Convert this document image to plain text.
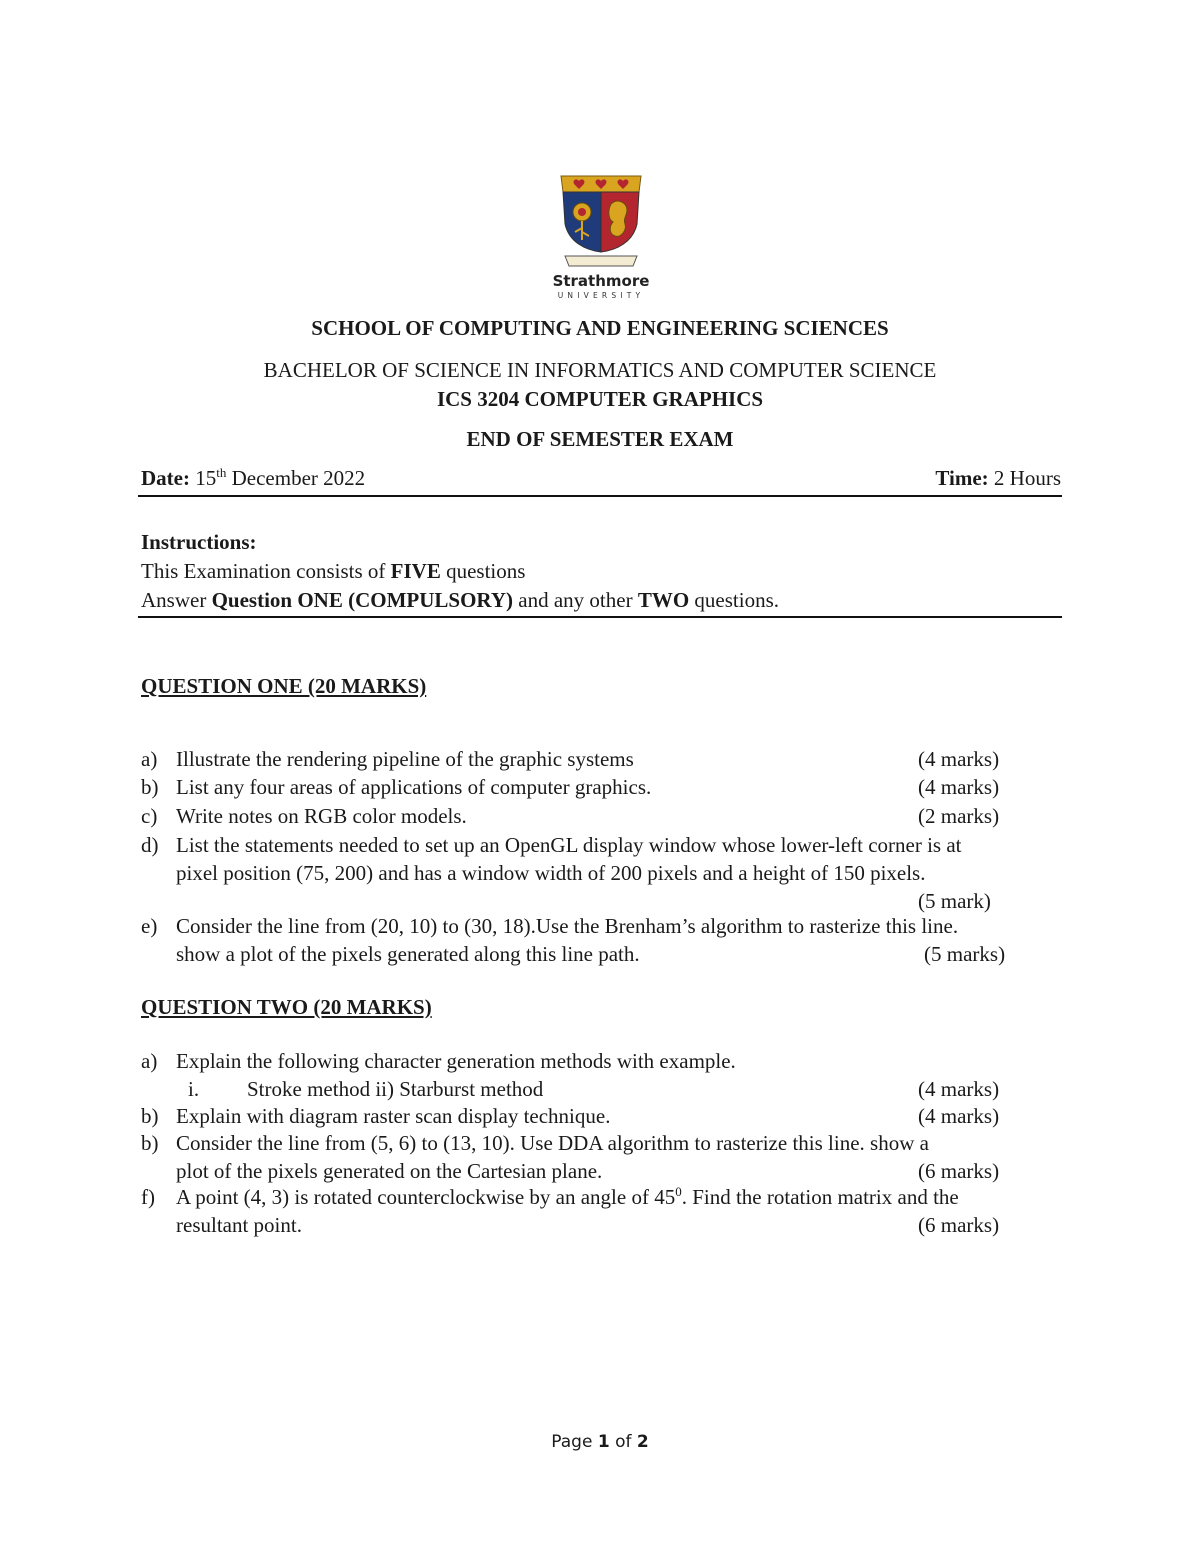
Strathmore
UNIVERSITY
SCHOOL OF COMPUTING AND ENGINEERING SCIENCES
BACHELOR OF SCIENCE IN INFORMATICS AND COMPUTER SCIENCE
ICS 3204 COMPUTER GRAPHICS
END OF SEMESTER EXAM
Date: 15th December 2022	Time: 2 Hours
Instructions:
This Examination consists of FIVE questions
Answer Question ONE (COMPULSORY) and any other TWO questions.
QUESTION ONE (20 MARKS)
a) Illustrate the rendering pipeline of the graphic systems	(4 marks)
b) List any four areas of applications of computer graphics.	(4 marks)
c) Write notes on RGB color models.	(2 marks)
d) List the statements needed to set up an OpenGL display window whose lower-left corner is at
pixel position (75, 200) and has a window width of 200 pixels and a height of 150 pixels.
(5 mark)
e) Consider the line from (20, 10) to (30, 18).Use the Brenham’s algorithm to rasterize this line.
show a plot of the pixels generated along this line path.	(5 marks)
QUESTION TWO (20 MARKS)
a) Explain the following character generation methods with example.
i. Stroke method ii) Starburst method	(4 marks)
b) Explain with diagram raster scan display technique.	(4 marks)
b) Consider the line from (5, 6) to (13, 10). Use DDA algorithm to rasterize this line. show a
plot of the pixels generated on the Cartesian plane.	(6 marks)
f) A point (4, 3) is rotated counterclockwise by an angle of $45^0$. Find the rotation matrix and the
resultant point.	(6 marks)
Page 1 of 2
